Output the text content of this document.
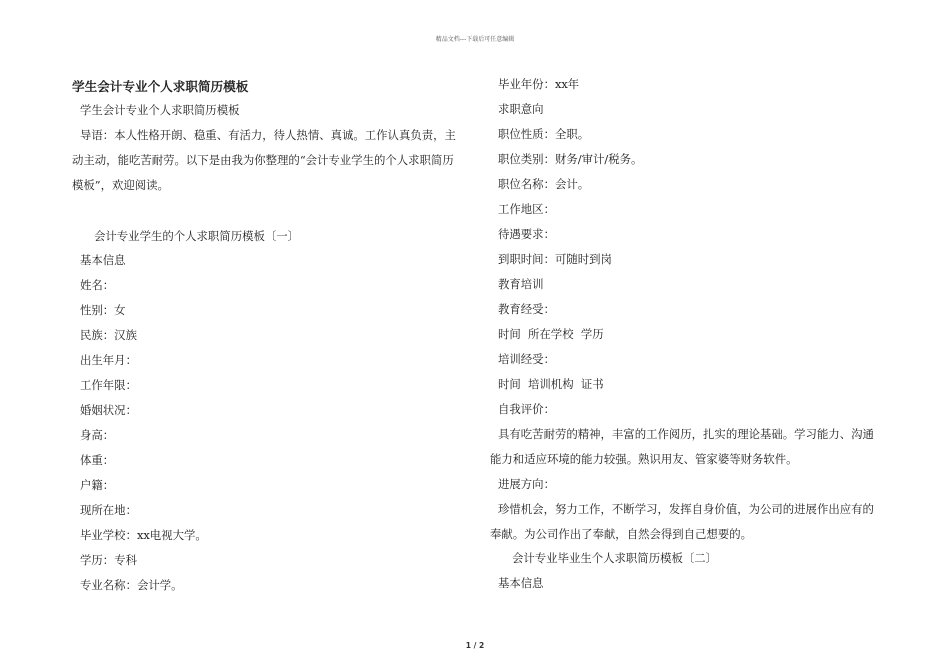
精品文档---下载后可任意编辑
学生会计专业个人求职简历模板
学生会计专业个人求职简历模板
导语：本人性格开朗、稳重、有活力，待人热情、真诚。工作认真负责，主
动主动，能吃苦耐劳。以下是由我为你整理的“会计专业学生的个人求职简历
模板”，欢迎阅读。
会计专业学生的个人求职简历模板〔一〕
基本信息
姓名：
性别：女
民族：汉族
出生年月：
工作年限：
婚姻状况：
身高：
体重：
户籍：
现所在地：
毕业学校：xx电视大学。
学历：专科
专业名称：会计学。
毕业年份：xx年
求职意向
职位性质：全职。
职位类别：财务/审计/税务。
职位名称：会计。
工作地区：
待遇要求：
到职时间：可随时到岗
教育培训
教育经受：
时间  所在学校  学历
培训经受：
时间  培训机构  证书
自我评价：
具有吃苦耐劳的精神，丰富的工作阅历，扎实的理论基础。学习能力、沟通
能力和适应环境的能力较强。熟识用友、管家婆等财务软件。
进展方向：
珍惜机会，努力工作，不断学习，发挥自身价值，为公司的进展作出应有的
奉献。为公司作出了奉献，自然会得到自己想要的。
会计专业毕业生个人求职简历模板〔二〕
基本信息
1 / 2
